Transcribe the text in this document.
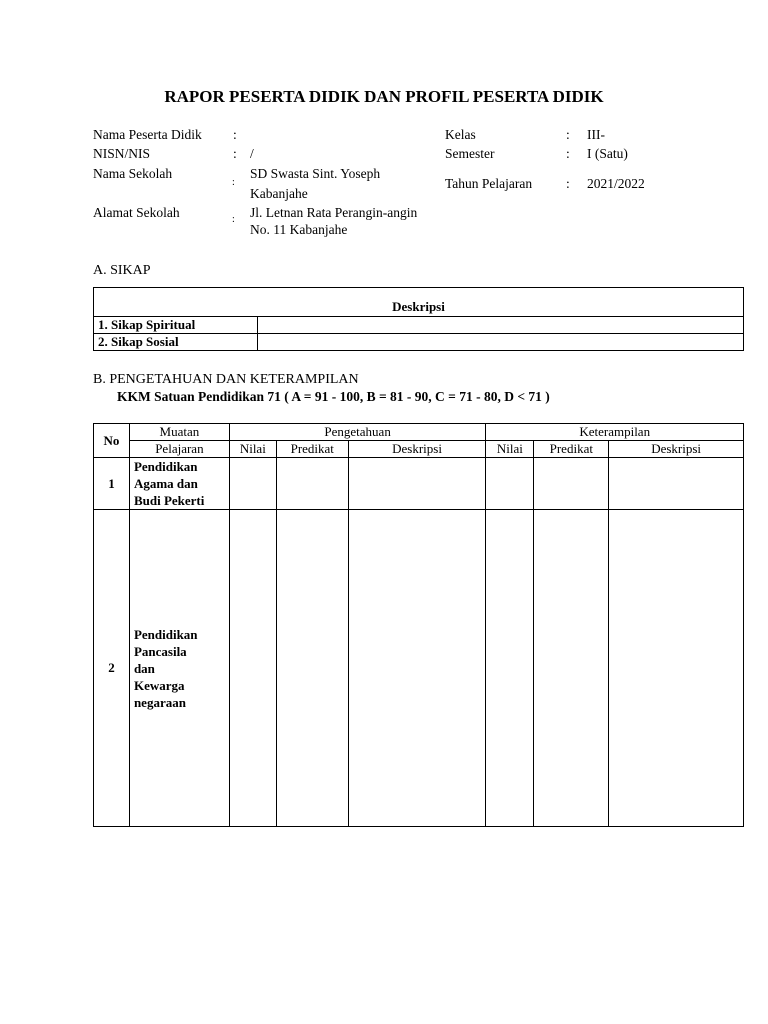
RAPOR PESERTA DIDIK DAN PROFIL PESERTA DIDIK
Nama Peserta Didik :
NISN/NIS	: /
Nama Sekolah
:
SD Swasta Sint. Yoseph
Kabanjahe
Alamat Sekolah	: Jl. Letnan Rata Perangin-angin
No. 11 Kabanjahe
Kelas	: III-
Semester	: I (Satu)
Tahun Pelajaran	: 2021/2022
A. SIKAP
Deskripsi	
1. Sikap Spiritual	
2. Sikap Sosial	
B. PENGETAHUAN DAN KETERAMPILAN
KKM Satuan Pendidikan 71 ( A = 91 - 100, B = 81 - 90, C = 71 - 80, D < 71 )
No	Muatan	Pengetahuan			Keterampilan		
	Pelajaran	Nilai	Predikat	Deskripsi	Nilai	Predikat	Deskripsi
1	Pendidikan
Agama dan
Budi Pekerti						

2	Pendidikan
Pancasila
dan
Kewarga
negaraan						
